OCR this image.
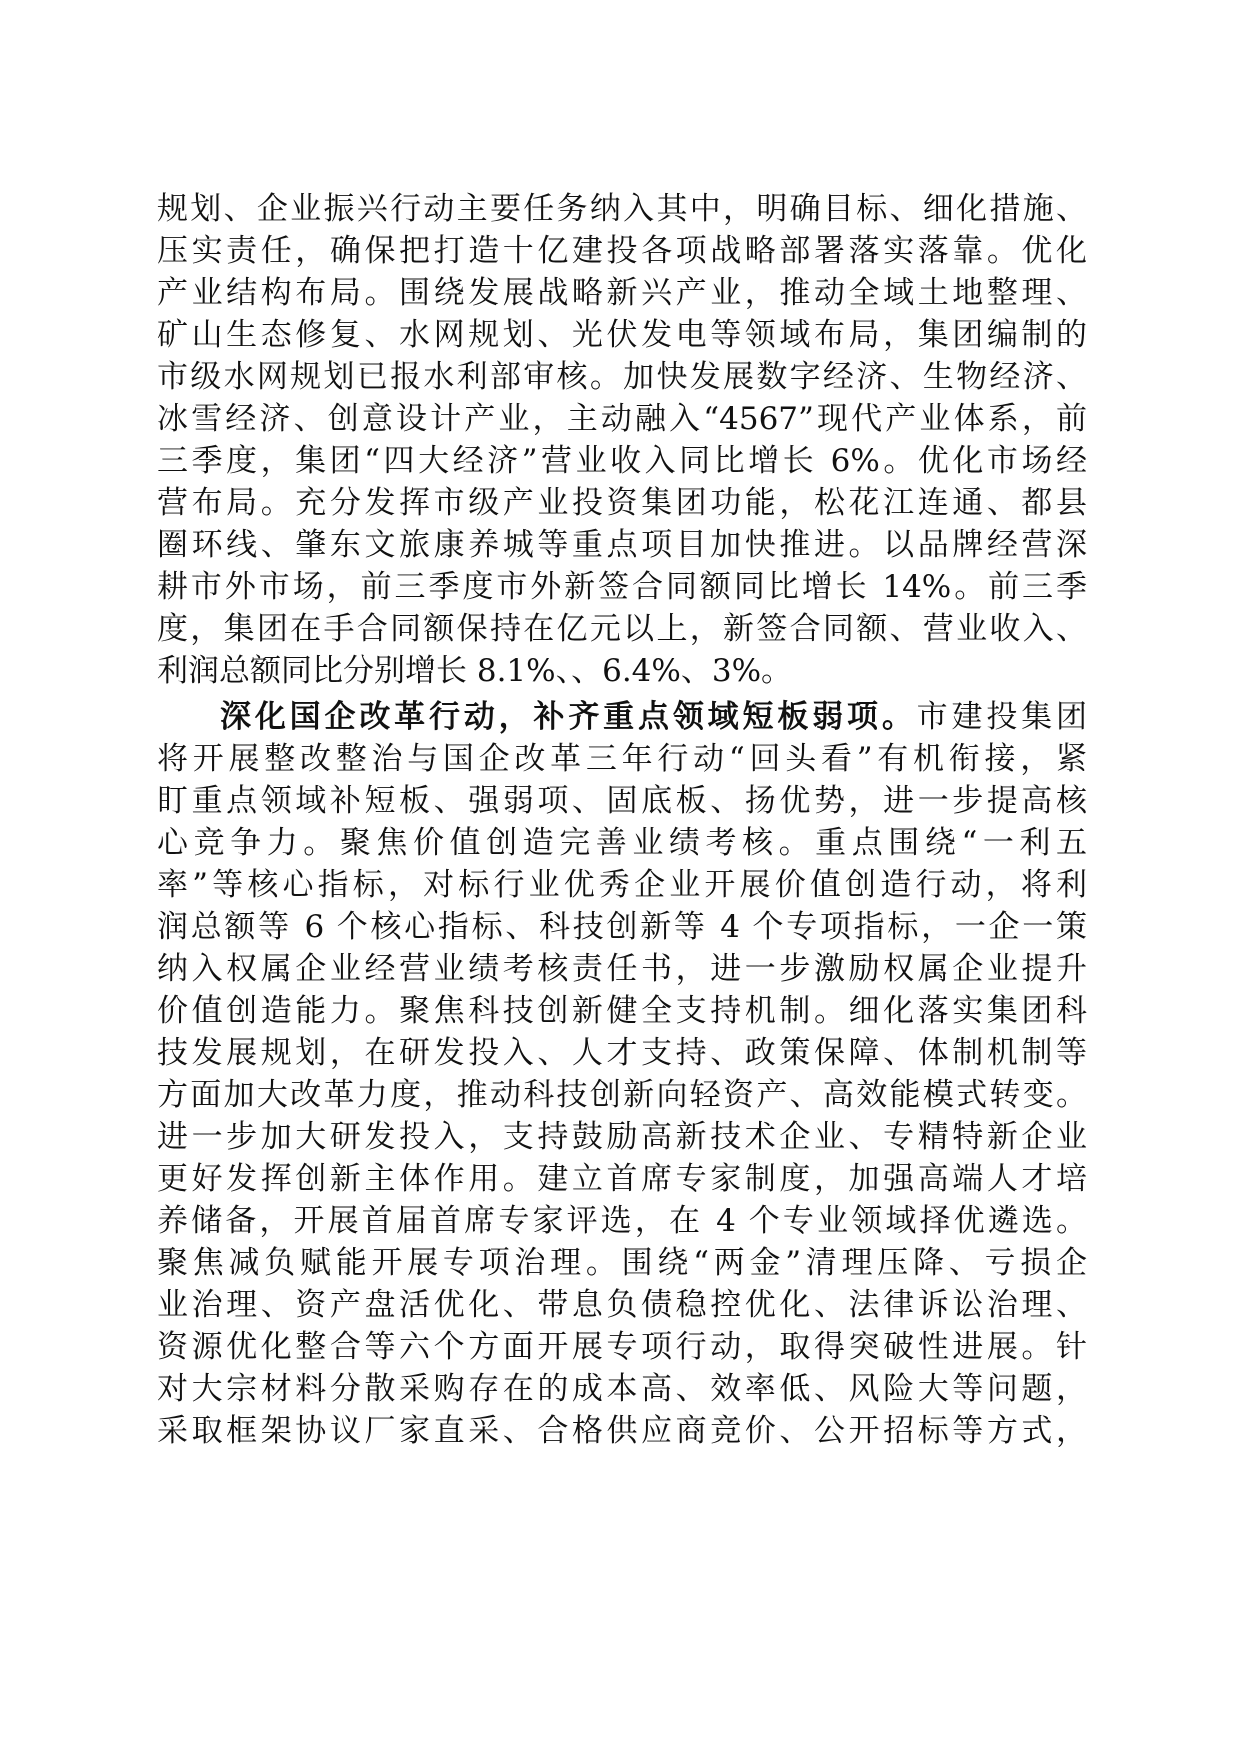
规划、企业振兴行动主要任务纳入其中，明确目标、细化措施、
压实责任，确保把打造十亿建投各项战略部署落实落靠。优化
产业结构布局。围绕发展战略新兴产业，推动全域土地整理、
矿山生态修复、水网规划、光伏发电等领域布局，集团编制的
市级水网规划已报水利部审核。加快发展数字经济、生物经济、
冰雪经济、创意设计产业，主动融入“4567”现代产业体系，前
三季度，集团“四大经济”营业收入同比增长 6%。优化市场经
营布局。充分发挥市级产业投资集团功能，松花江连通、都县
圈环线、肇东文旅康养城等重点项目加快推进。以品牌经营深
耕市外市场，前三季度市外新签合同额同比增长 14%。前三季
度，集团在手合同额保持在亿元以上，新签合同额、营业收入、
利润总额同比分别增长 8.1%、、6.4%、3%。
深化国企改革行动，补齐重点领域短板弱项。市建投集团
将开展整改整治与国企改革三年行动“回头看”有机衔接，紧
盯重点领域补短板、强弱项、固底板、扬优势，进一步提高核
心竞争力。聚焦价值创造完善业绩考核。重点围绕“一利五
率”等核心指标，对标行业优秀企业开展价值创造行动，将利
润总额等 6 个核心指标、科技创新等 4 个专项指标，一企一策
纳入权属企业经营业绩考核责任书，进一步激励权属企业提升
价值创造能力。聚焦科技创新健全支持机制。细化落实集团科
技发展规划，在研发投入、人才支持、政策保障、体制机制等
方面加大改革力度，推动科技创新向轻资产、高效能模式转变。
进一步加大研发投入，支持鼓励高新技术企业、专精特新企业
更好发挥创新主体作用。建立首席专家制度，加强高端人才培
养储备，开展首届首席专家评选，在 4 个专业领域择优遴选。
聚焦减负赋能开展专项治理。围绕“两金”清理压降、亏损企
业治理、资产盘活优化、带息负债稳控优化、法律诉讼治理、
资源优化整合等六个方面开展专项行动，取得突破性进展。针
对大宗材料分散采购存在的成本高、效率低、风险大等问题，
采取框架协议厂家直采、合格供应商竞价、公开招标等方式，
